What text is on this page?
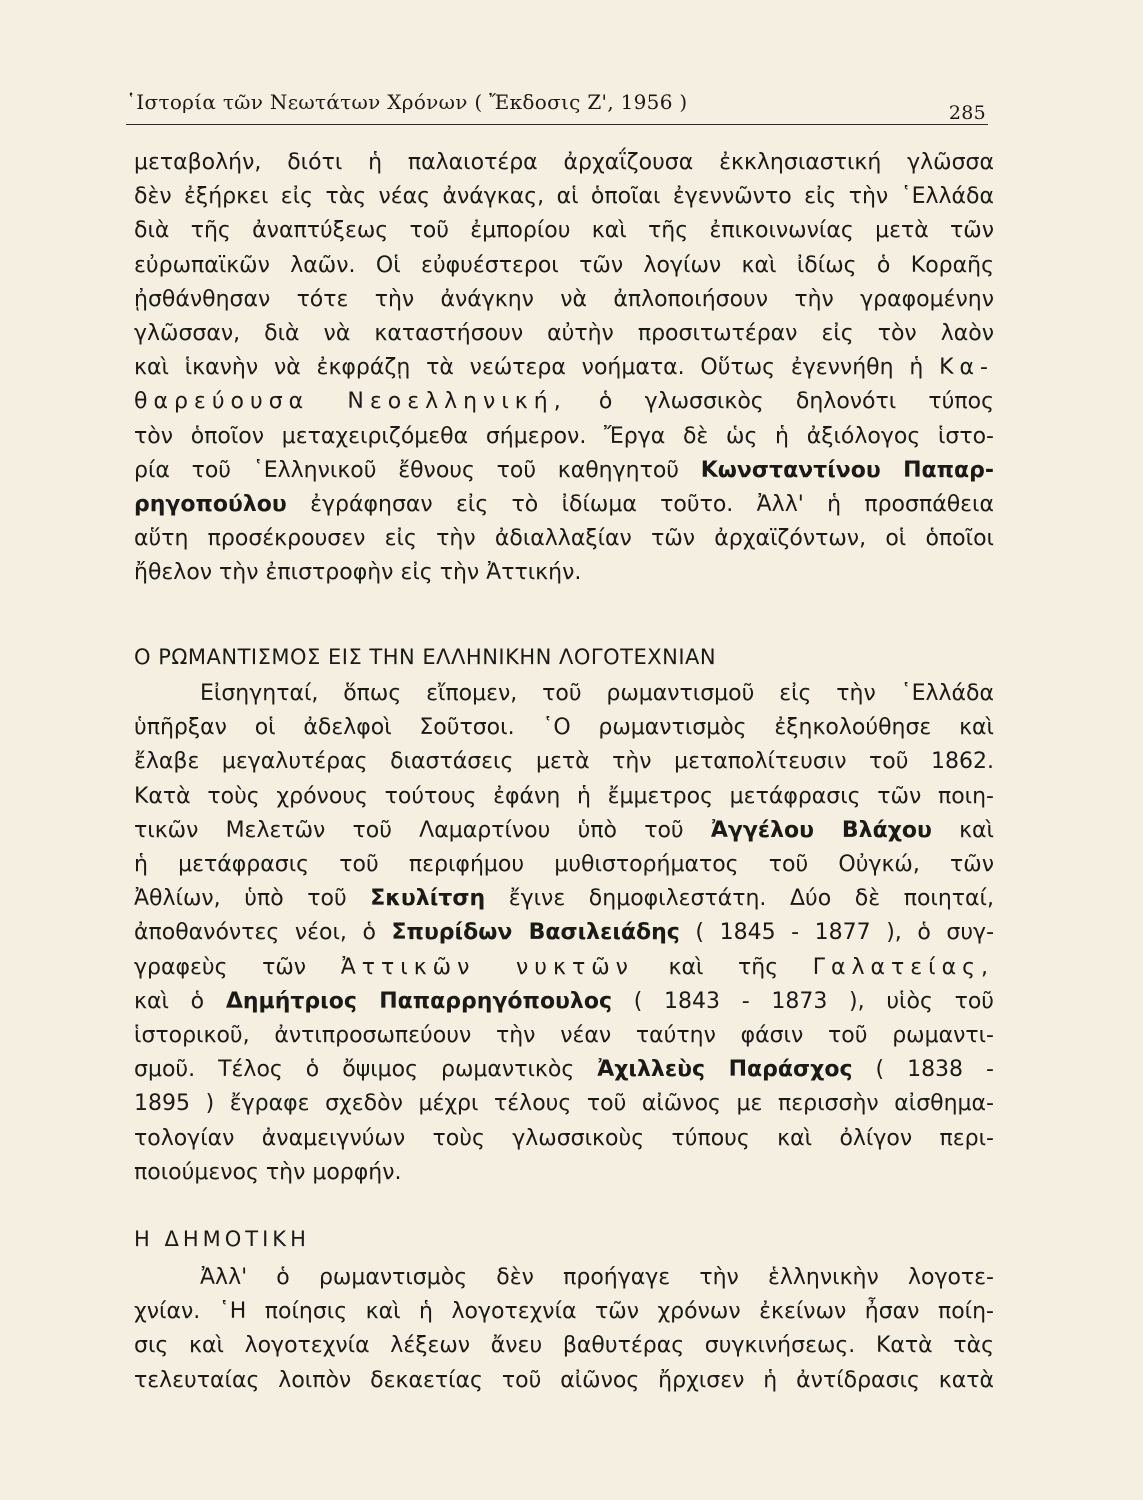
῾Ιστορία τῶν Νεωτάτων Χρόνων ( Ἔκδοσις Ζ', 1956 )	285
μεταβολήν, διότι ἡ παλαιοτέρα ἀρχαΐζουσα ἐκκλησιαστική γλῶσσα
δὲν ἐξήρκει εἰς τὰς νέας ἀνάγκας, αἱ ὁποῖαι ἐγεννῶντο εἰς τὴν ῾Ελλάδα
διὰ τῆς ἀναπτύξεως τοῦ ἐμπορίου καὶ τῆς ἐπικοινωνίας μετὰ τῶν
εὐρωπαϊκῶν λαῶν. Οἱ εὐφυέστεροι τῶν λογίων καὶ ἰδίως ὁ Κοραῆς
ᾐσθάνθησαν τότε τὴν ἀνάγκην νὰ ἀπλοποιήσουν τὴν γραφομένην
γλῶσσαν, διὰ νὰ καταστήσουν αὐτὴν προσιτωτέραν εἰς τὸν λαὸν
καὶ ἱκανὴν νὰ ἐκφράζῃ τὰ νεώτερα νοήματα. Οὕτως ἐγεννήθη ἡ Κα-
θαρεύουσα Νεοελληνική, ὁ γλωσσικὸς δηλονότι τύπος
τὸν ὁποῖον μεταχειριζόμεθα σήμερον. Ἔργα δὲ ὡς ἡ ἀξιόλογος ἱστο-
ρία τοῦ ῾Ελληνικοῦ ἔθνους τοῦ καθηγητοῦ Κωνσταντίνου Παπαρ-
ρηγοπούλου ἐγράφησαν εἰς τὸ ἰδίωμα τοῦτο. Ἀλλ' ἡ προσπάθεια
αὕτη προσέκρουσεν εἰς τὴν ἀδιαλλαξίαν τῶν ἀρχαϊζόντων, οἱ ὁποῖοι
ἤθελον τὴν ἐπιστροφὴν εἰς τὴν Ἀττικήν.
Ο ΡΩΜΑΝΤΙΣΜΟΣ ΕΙΣ ΤΗΝ ΕΛΛΗΝΙΚΗΝ ΛΟΓΟΤΕΧΝΙΑΝ
Εἰσηγηταί, ὅπως εἴπομεν, τοῦ ρωμαντισμοῦ εἰς τὴν ῾Ελλάδα
ὑπῆρξαν οἱ ἀδελφοὶ Σοῦτσοι. ῾Ο ρωμαντισμὸς ἐξηκολούθησε καὶ
ἔλαβε μεγαλυτέρας διαστάσεις μετὰ τὴν μεταπολίτευσιν τοῦ 1862.
Κατὰ τοὺς χρόνους τούτους ἐφάνη ἡ ἔμμετρος μετάφρασις τῶν ποιη-
τικῶν Μελετῶν τοῦ Λαμαρτίνου ὑπὸ τοῦ Ἀγγέλου Βλάχου καὶ
ἡ μετάφρασις τοῦ περιφήμου μυθιστορήματος τοῦ Οὐγκώ, τῶν
Ἀθλίων, ὑπὸ τοῦ Σκυλίτση ἔγινε δημοφιλεστάτη. Δύο δὲ ποιηταί,
ἀποθανόντες νέοι, ὁ Σπυρίδων Βασιλειάδης ( 1845 - 1877 ), ὁ συγ-
γραφεὺς τῶν Ἀττικῶν νυκτῶν καὶ τῆς Γαλατείας,
καὶ ὁ Δημήτριος Παπαρρηγόπουλος ( 1843 - 1873 ), υἱὸς τοῦ
ἱστορικοῦ, ἀντιπροσωπεύουν τὴν νέαν ταύτην φάσιν τοῦ ρωμαντι-
σμοῦ. Τέλος ὁ ὄψιμος ρωμαντικὸς Ἀχιλλεὺς Παράσχος ( 1838 -
1895 ) ἔγραφε σχεδὸν μέχρι τέλους τοῦ αἰῶνος με περισσὴν αἰσθημα-
τολογίαν ἀναμειγνύων τοὺς γλωσσικοὺς τύπους καὶ ὀλίγον περι-
ποιούμενος τὴν μορφήν.
Η ΔΗΜΟΤΙΚΗ
Ἀλλ' ὁ ρωμαντισμὸς δὲν προήγαγε τὴν ἑλληνικὴν λογοτε-
χνίαν. ῾Η ποίησις καὶ ἡ λογοτεχνία τῶν χρόνων ἐκείνων ἦσαν ποίη-
σις καὶ λογοτεχνία λέξεων ἄνευ βαθυτέρας συγκινήσεως. Κατὰ τὰς
τελευταίας λοιπὸν δεκαετίας τοῦ αἰῶνος ἤρχισεν ἡ ἀντίδρασις κατὰ
